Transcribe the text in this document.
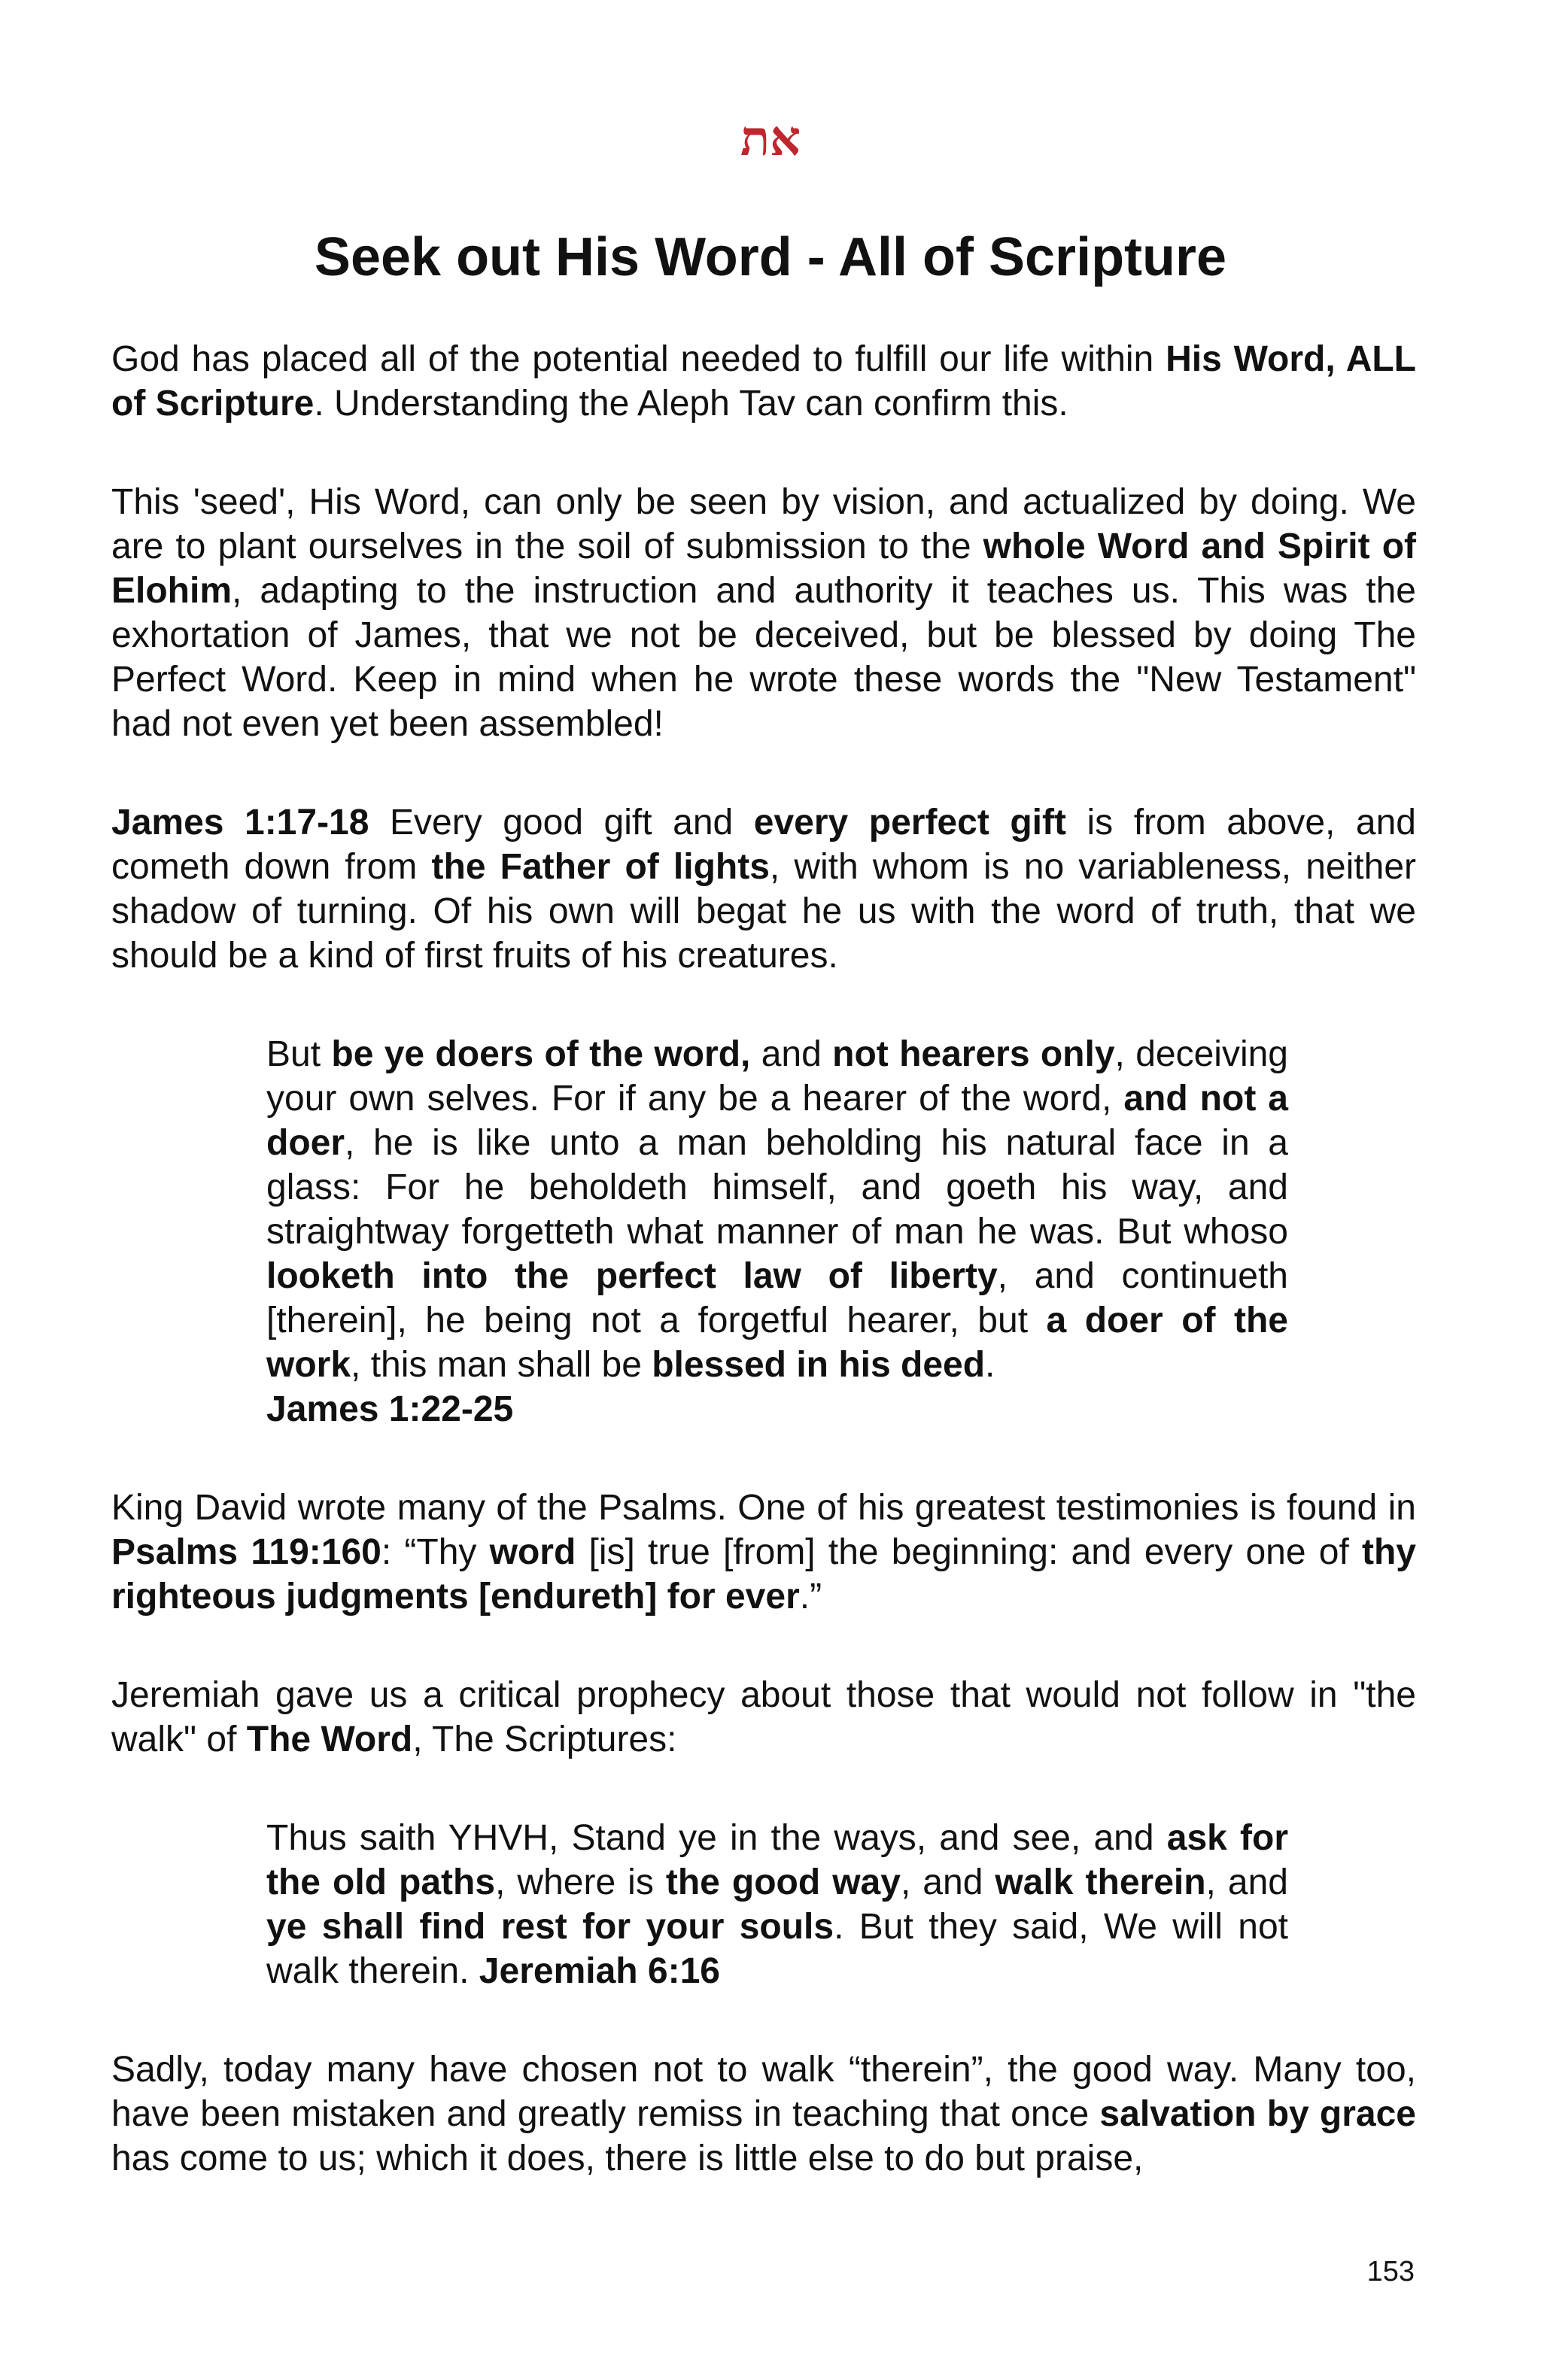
את
Seek out His Word - All of Scripture

God has placed all of the potential needed to fulfill our life within His Word, ALL of Scripture. Understanding the Aleph Tav can confirm this.

This 'seed', His Word, can only be seen by vision, and actualized by doing. We are to plant ourselves in the soil of submission to the whole Word and Spirit of Elohim, adapting to the instruction and authority it teaches us. This was the exhortation of James, that we not be deceived, but be blessed by doing The Perfect Word. Keep in mind when he wrote these words the "New Testament" had not even yet been assembled!

James 1:17-18 Every good gift and every perfect gift is from above, and cometh down from the Father of lights, with whom is no variableness, neither shadow of turning. Of his own will begat he us with the word of truth, that we should be a kind of first fruits of his creatures.

But be ye doers of the word, and not hearers only, deceiving your own selves. For if any be a hearer of the word, and not a doer, he is like unto a man beholding his natural face in a glass: For he beholdeth himself, and goeth his way, and straightway forgetteth what manner of man he was. But whoso looketh into the perfect law of liberty, and continueth [therein], he being not a forgetful hearer, but a doer of the work, this man shall be blessed in his deed.
James 1:22-25

King David wrote many of the Psalms. One of his greatest testimonies is found in Psalms 119:160: “Thy word [is] true [from] the beginning: and every one of thy righteous judgments [endureth] for ever.”

Jeremiah gave us a critical prophecy about those that would not follow in "the walk" of The Word, The Scriptures:

Thus saith YHVH, Stand ye in the ways, and see, and ask for the old paths, where is the good way, and walk therein, and ye shall find rest for your souls. But they said, We will not walk therein. Jeremiah 6:16

Sadly, today many have chosen not to walk “therein”, the good way. Many too, have been mistaken and greatly remiss in teaching that once salvation by grace has come to us; which it does, there is little else to do but praise,

153
